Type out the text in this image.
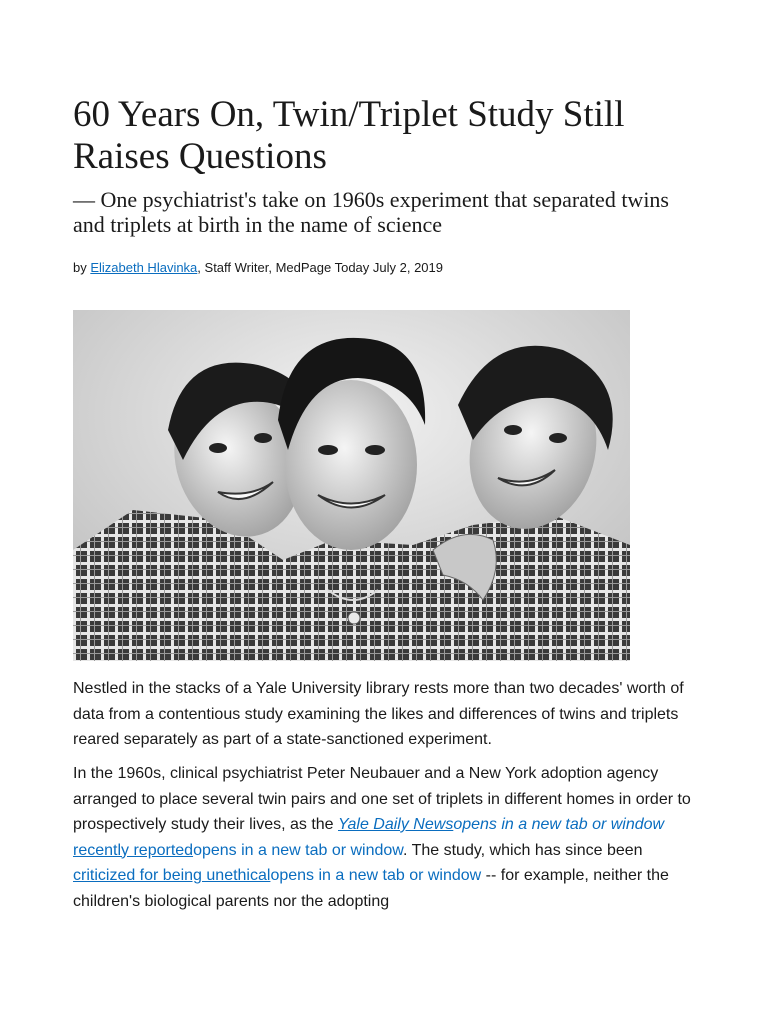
60 Years On, Twin/Triplet Study Still Raises Questions

— One psychiatrist's take on 1960s experiment that separated twins and triplets at birth in the name of science

by Elizabeth Hlavinka, Staff Writer, MedPage Today July 2, 2019

Nestled in the stacks of a Yale University library rests more than two decades' worth of data from a contentious study examining the likes and differences of twins and triplets reared separately as part of a state-sanctioned experiment.

In the 1960s, clinical psychiatrist Peter Neubauer and a New York adoption agency arranged to place several twin pairs and one set of triplets in different homes in order to prospectively study their lives, as the Yale Daily Newsopens in a new tab or window recently reportedopens in a new tab or window. The study, which has since been criticized for being unethicalopens in a new tab or window -- for example, neither the children's biological parents nor the adopting
